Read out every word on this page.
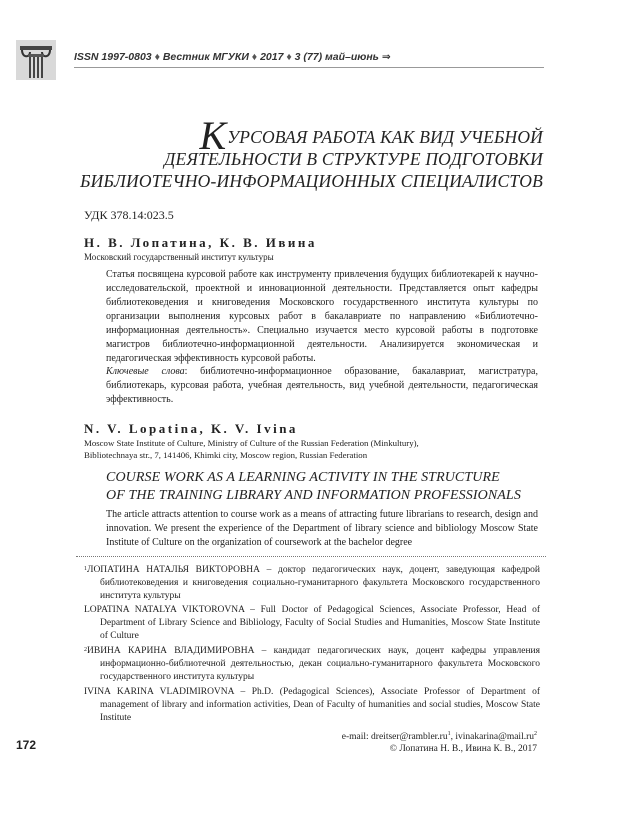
ISSN 1997-0803 ♦ Вестник МГУКИ ♦ 2017 ♦ 3 (77) май–июнь ⇒
КУРСОВАЯ РАБОТА КАК ВИД УЧЕБНОЙ
ДЕЯТЕЛЬНОСТИ В СТРУКТУРЕ ПОДГОТОВКИ
БИБЛИОТЕЧНО-ИНФОРМАЦИОННЫХ СПЕЦИАЛИСТОВ
УДК 378.14:023.5
Н. В. Лопатина, К. В. Ивина
Московский государственный институт культуры
Статья посвящена курсовой работе как инструменту привлечения будущих библиотекарей к научно-исследовательской, проектной и инновационной деятельности. Представляется опыт кафедры библиотековедения и книговедения Московского государственного института культуры по организации выполнения курсовых работ в бакалавриате по направлению «Библиотечно-информационная деятельность». Специально изучается место курсовой работы в подготовке магистров библиотечно-информационной деятельности. Анализируется экономическая и педагогическая эффективность курсовой работы.
Ключевые слова: библиотечно-информационное образование, бакалавриат, магистратура, библиотекарь, курсовая работа, учебная деятельность, вид учебной деятельности, педагогическая эффективность.
N. V. Lopatina, K. V. Ivina
Moscow State Institute of Culture, Ministry of Culture of the Russian Federation (Minkultury),
Bibliotechnaya str., 7, 141406, Khimki city, Moscow region, Russian Federation
COURSE WORK AS A LEARNING ACTIVITY IN THE STRUCTURE
OF THE TRAINING LIBRARY AND INFORMATION PROFESSIONALS
The article attracts attention to course work as a means of attracting future librarians to research, design and innovation. We present the experience of the Department of library science and bibliology Moscow State Institute of Culture on the organization of coursework at the bachelor degree
$^1$ЛОПАТИНА НАТАЛЬЯ ВИКТОРОВНА – доктор педагогических наук, доцент, заведующая кафедрой библиотековедения и книговедения социально-гуманитарного факультета Московского государственного института культуры
LOPATINA NATALYA VIKTOROVNA – Full Doctor of Pedagogical Sciences, Associate Professor, Head of Department of Library Science and Bibliology, Faculty of Social Studies and Humanities, Moscow State Institute of Culture
$^2$ИВИНА КАРИНА ВЛАДИМИРОВНА – кандидат педагогических наук, доцент кафедры управления информационно-библиотечной деятельностью, декан социально-гуманитарного факультета Московского государственного института культуры
IVINA KARINA VLADIMIROVNA – Ph.D. (Pedagogical Sciences), Associate Professor of Department of management of library and information activities, Dean of Faculty of humanities and social studies, Moscow State Institute
e-mail: $dreitser@rambler.ru^1$, $ivinakarina@mail.ru^2$
© Лопатина Н. В., Ивина К. В., 2017
172
